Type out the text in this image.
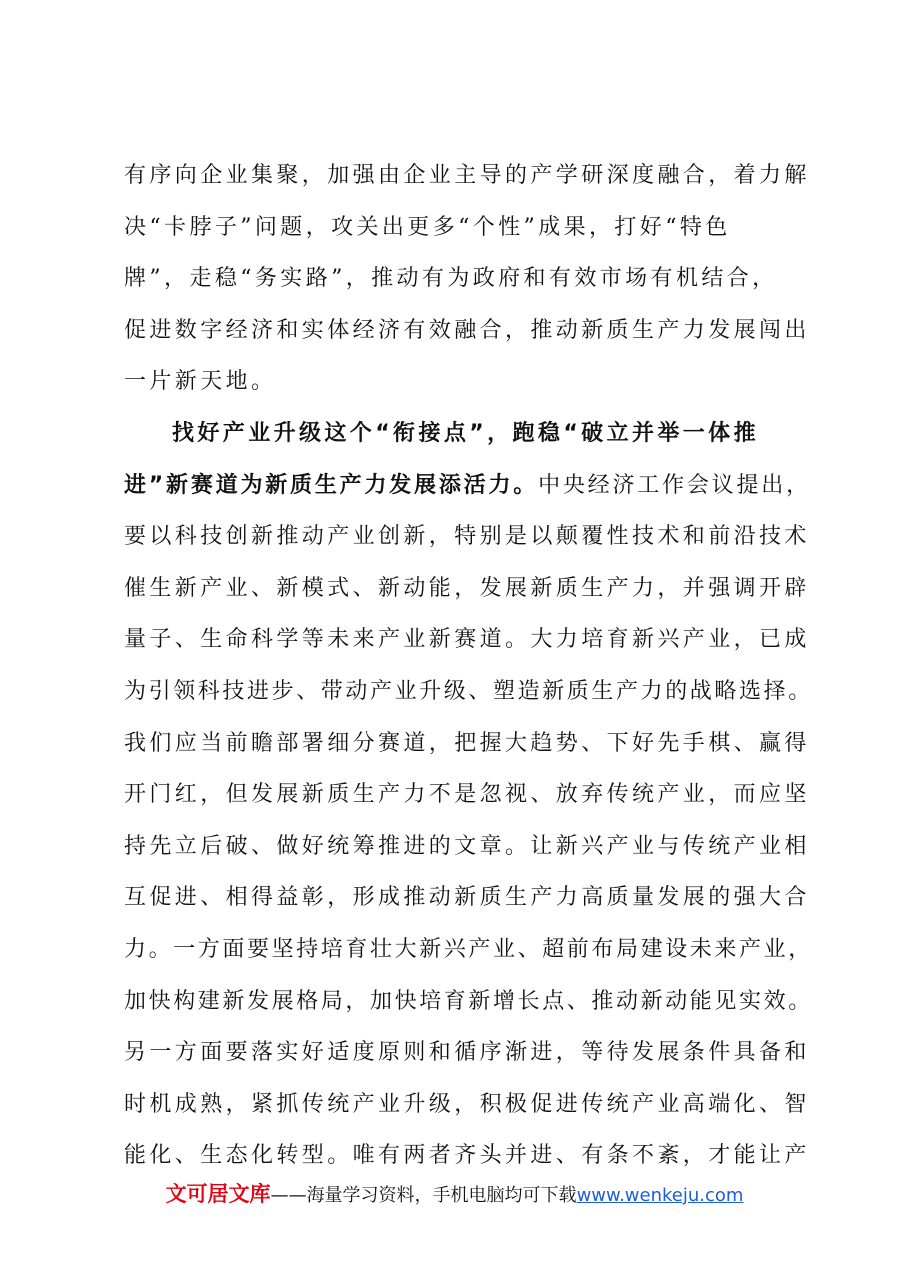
有序向企业集聚，加强由企业主导的产学研深度融合，着力解
决“卡脖子”问题，攻关出更多“个性”成果，打好“特色
牌”，走稳“务实路”，推动有为政府和有效市场有机结合，
促进数字经济和实体经济有效融合，推动新质生产力发展闯出
一片新天地。
找好产业升级这个“衔接点”，跑稳“破立并举一体推
进”新赛道为新质生产力发展添活力。中央经济工作会议提出，
要以科技创新推动产业创新，特别是以颠覆性技术和前沿技术
催生新产业、新模式、新动能，发展新质生产力，并强调开辟
量子、生命科学等未来产业新赛道。大力培育新兴产业，已成
为引领科技进步、带动产业升级、塑造新质生产力的战略选择。
我们应当前瞻部署细分赛道，把握大趋势、下好先手棋、赢得
开门红，但发展新质生产力不是忽视、放弃传统产业，而应坚
持先立后破、做好统筹推进的文章。让新兴产业与传统产业相
互促进、相得益彰，形成推动新质生产力高质量发展的强大合
力。一方面要坚持培育壮大新兴产业、超前布局建设未来产业，
加快构建新发展格局，加快培育新增长点、推动新动能见实效。
另一方面要落实好适度原则和循序渐进，等待发展条件具备和
时机成熟，紧抓传统产业升级，积极促进传统产业高端化、智
能化、生态化转型。唯有两者齐头并进、有条不紊，才能让产
文可居文库——海量学习资料，手机电脑均可下载www.wenkeju.com
